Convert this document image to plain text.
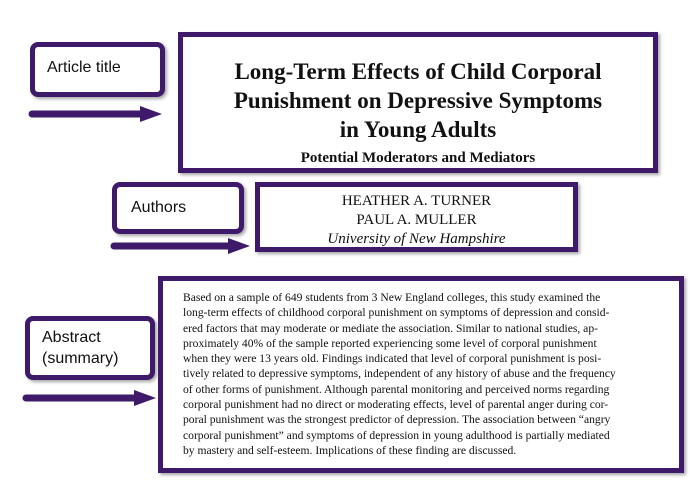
Article title	Long-Term Effects of Child Corporal

Punishment on Depressive Symptoms

in Young Adults

Potential Moderators and Mediators
Authors	HEATHER A. TURNER
PAUL A. MULLER
University of New Hampshire
Abstract
(summary)
Based on a sample of 649 students from 3 New England colleges, this study examined the
long-term effects of childhood corporal punishment on symptoms of depression and consid-
ered factors that may moderate or mediate the association. Similar to national studies, ap-
proximately 40% of the sample reported experiencing some level of corporal punishment
when they were 13 years old. Findings indicated that level of corporal punishment is posi-
tively related to depressive symptoms, independent of any history of abuse and the frequency
of other forms of punishment. Although parental monitoring and perceived norms regarding
corporal punishment had no direct or moderating effects, level of parental anger during cor-
poral punishment was the strongest predictor of depression. The association between “angry
corporal punishment” and symptoms of depression in young adulthood is partially mediated
by mastery and self-esteem. Implications of these finding are discussed.
